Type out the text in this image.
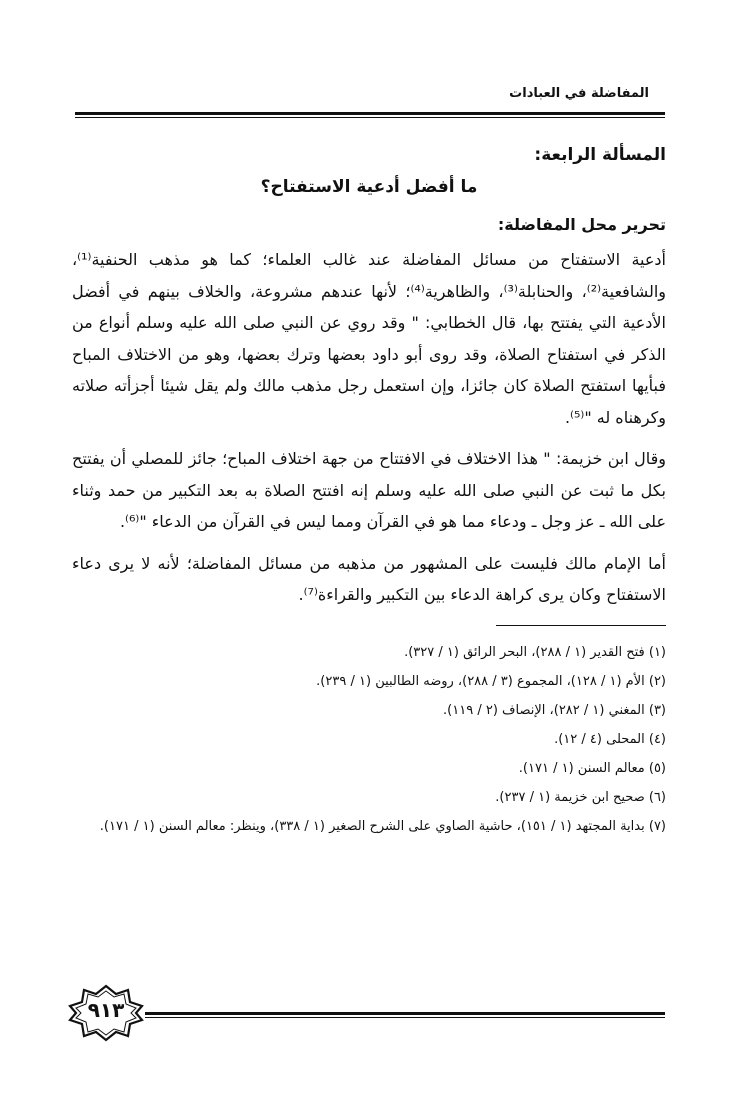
المفاضلة في العبادات
المسألة الرابعة:
ما أفضل أدعية الاستفتاح؟
تحرير محل المفاضلة:

أدعية الاستفتاح من مسائل المفاضلة عند غالب العلماء؛ كما هو مذهب الحنفية⁽¹⁾، والشافعية⁽²⁾، والحنابلة⁽³⁾، والظاهرية⁽⁴⁾؛ لأنها عندهم مشروعة، والخلاف بينهم في أفضل الأدعية التي يفتتح بها، قال الخطابي: " وقد روي عن النبي صلى الله عليه وسلم أنواع من الذكر في استفتاح الصلاة، وقد روى أبو داود بعضها وترك بعضها، وهو من الاختلاف المباح فبأيها استفتح الصلاة كان جائزا، وإن استعمل رجل مذهب مالك ولم يقل شيئا أجزأته صلاته وكرهناه له "⁽⁵⁾.

وقال ابن خزيمة: " هذا الاختلاف في الافتتاح من جهة اختلاف المباح؛ جائز للمصلي أن يفتتح بكل ما ثبت عن النبي صلى الله عليه وسلم إنه افتتح الصلاة به بعد التكبير من حمد وثناء على الله ـ عز وجل ـ ودعاء مما هو في القرآن ومما ليس في القرآن من الدعاء "⁽⁶⁾.

أما الإمام مالك فليست على المشهور من مذهبه من مسائل المفاضلة؛ لأنه لا يرى دعاء الاستفتاح وكان يرى كراهة الدعاء بين التكبير والقراءة⁽⁷⁾.

(١) فتح القدير (١ / ٢٨٨)، البحر الرائق (١ / ٣٢٧).
(٢) الأم (١ / ١٢٨)، المجموع (٣ / ٢٨٨)، روضه الطالبين (١ / ٢٣٩).
(٣) المغني (١ / ٢٨٢)، الإنصاف (٢ / ١١٩).
(٤) المحلى (٤ / ١٢).
(٥) معالم السنن (١ / ١٧١).
(٦) صحيح ابن خزيمة (١ / ٢٣٧).
(٧) بداية المجتهد (١ / ١٥١)، حاشية الصاوي على الشرح الصغير (١ / ٣٣٨)، وينظر: معالم السنن (١ / ١٧١).
٩١٣
